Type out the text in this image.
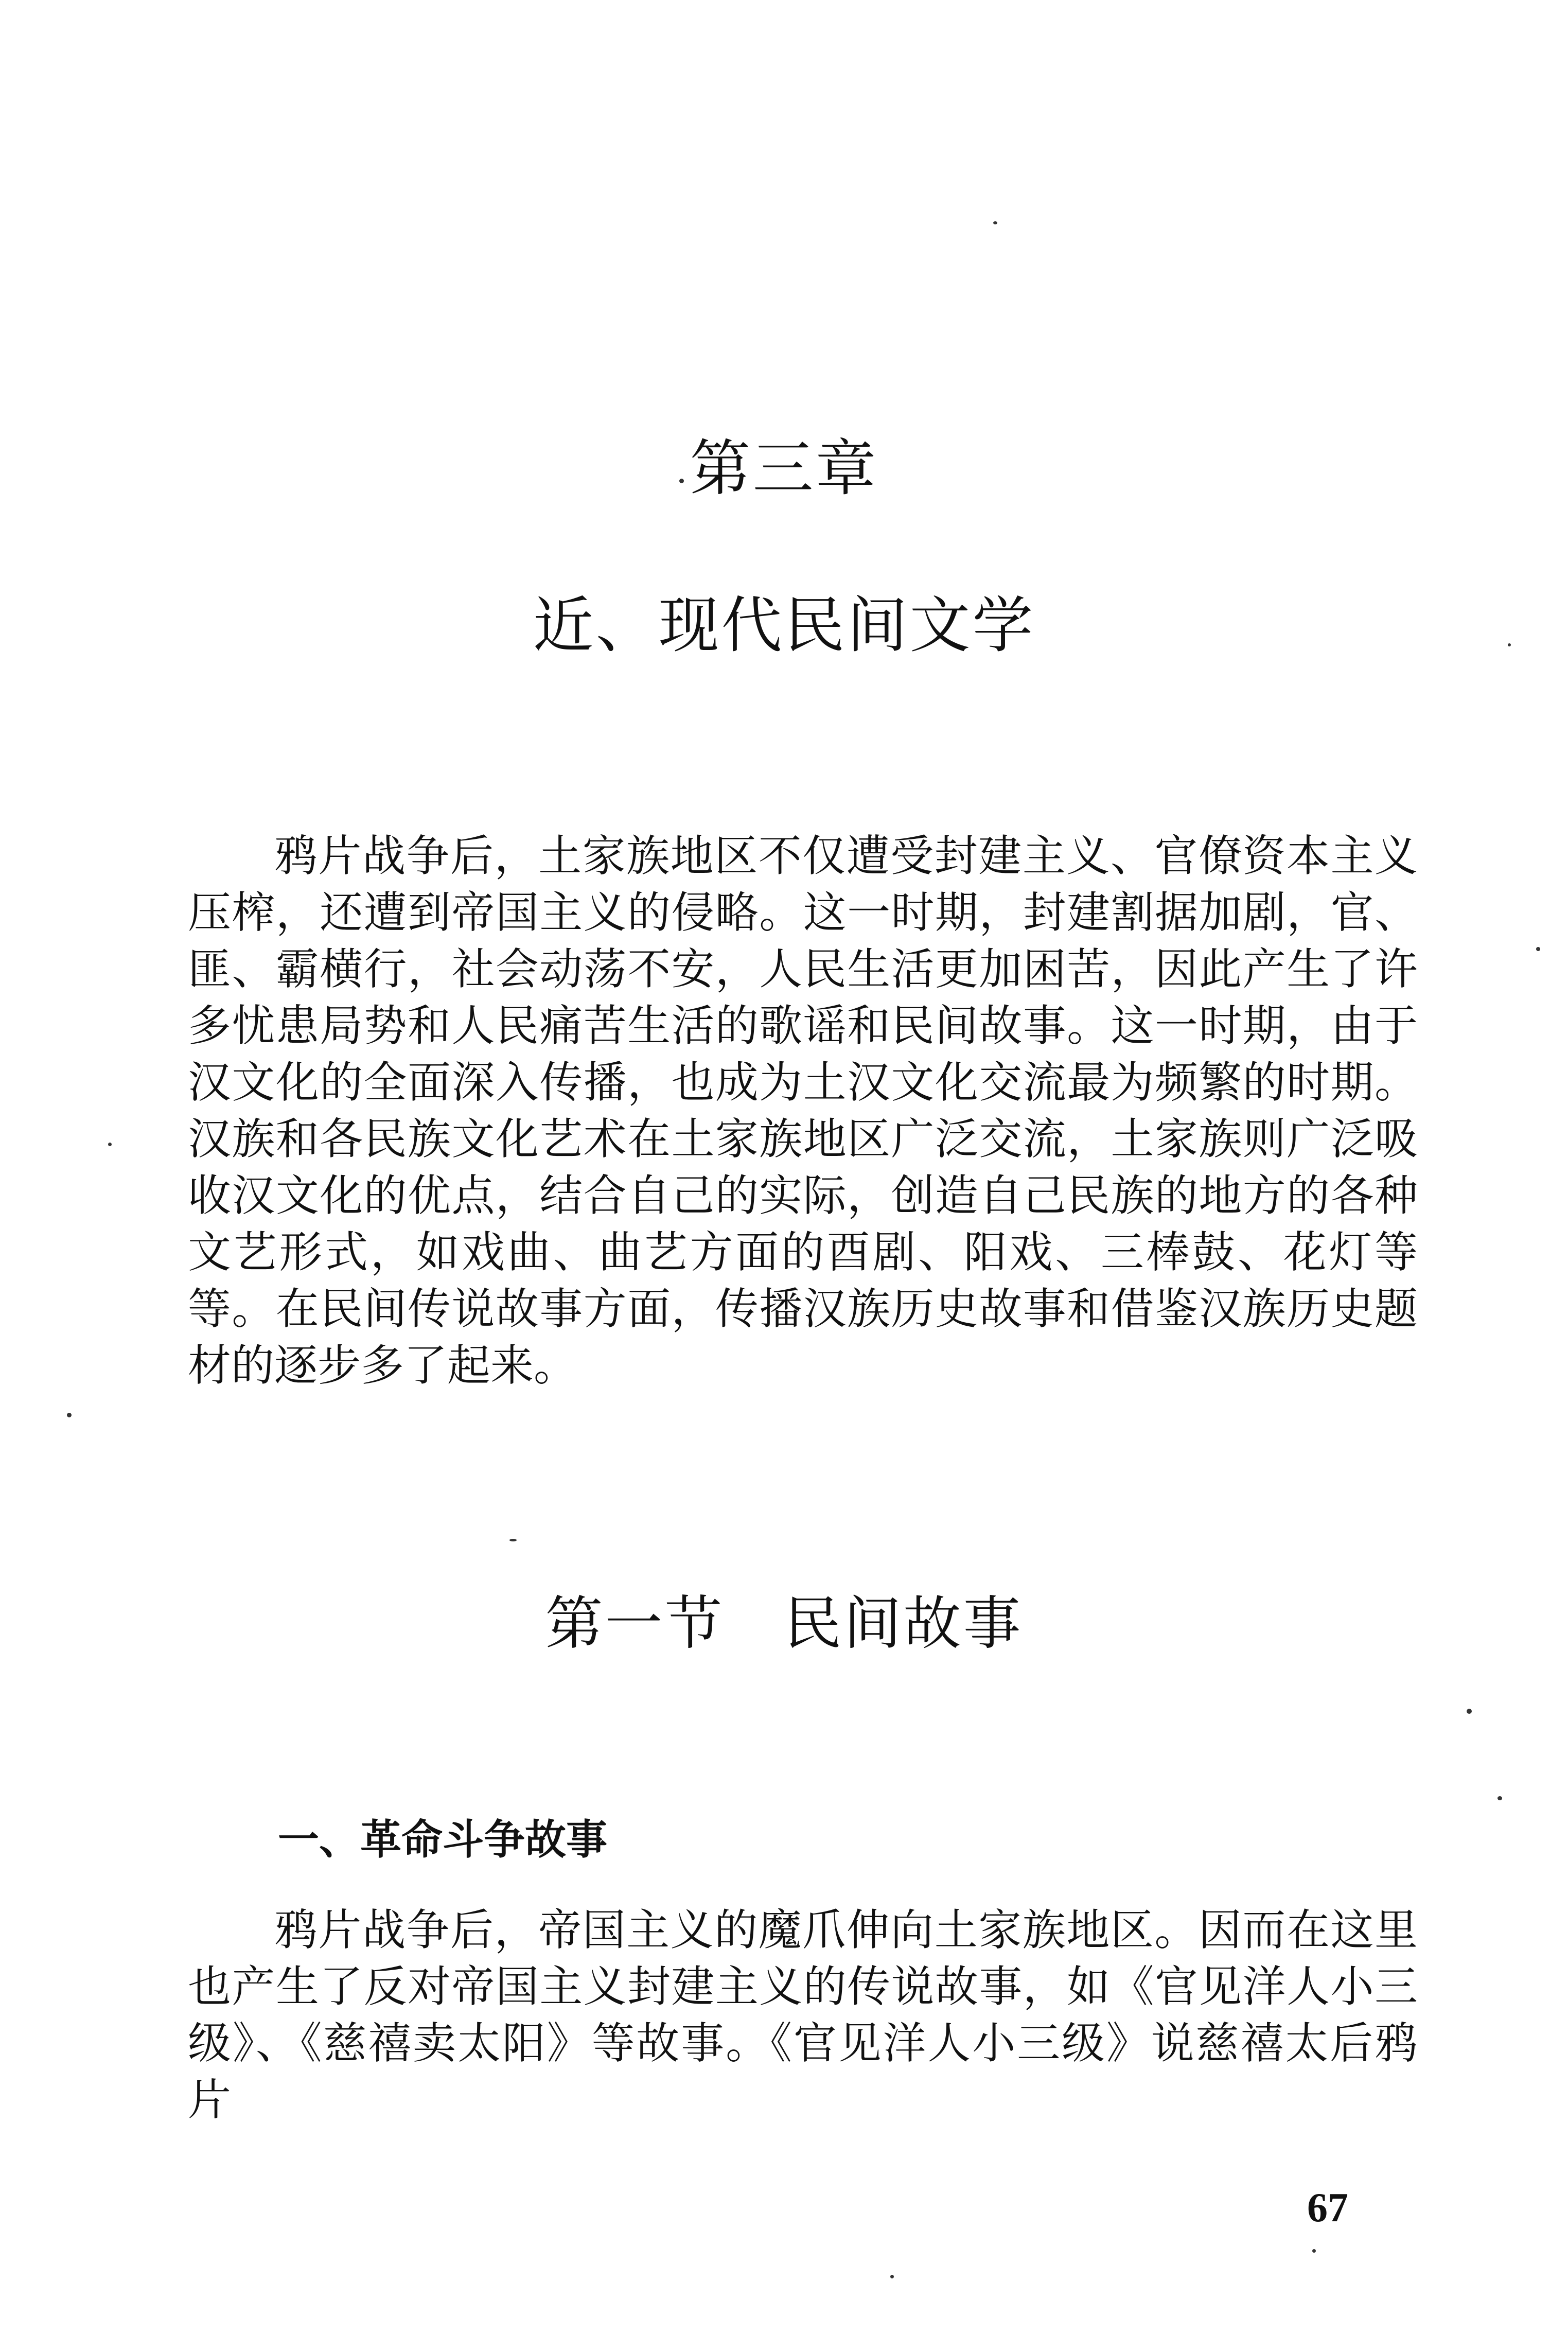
第三章
近、现代民间文学

鸦片战争后，土家族地区不仅遭受封建主义、官僚资本主义压榨，还遭到帝国主义的侵略。这一时期，封建割据加剧，官、匪、霸横行，社会动荡不安，人民生活更加困苦，因此产生了许多忧患局势和人民痛苦生活的歌谣和民间故事。这一时期，由于汉文化的全面深入传播，也成为土汉文化交流最为频繁的时期。汉族和各民族文化艺术在土家族地区广泛交流，土家族则广泛吸收汉文化的优点，结合自己的实际，创造自己民族的地方的各种文艺形式，如戏曲、曲艺方面的酉剧、阳戏、三棒鼓、花灯等等。在民间传说故事方面，传播汉族历史故事和借鉴汉族历史题材的逐步多了起来。

第一节　民间故事
一、革命斗争故事

鸦片战争后，帝国主义的魔爪伸向土家族地区。因而在这里也产生了反对帝国主义封建主义的传说故事，如《官见洋人小三级》、《慈禧卖太阳》等故事。《官见洋人小三级》说慈禧太后鸦片

67
